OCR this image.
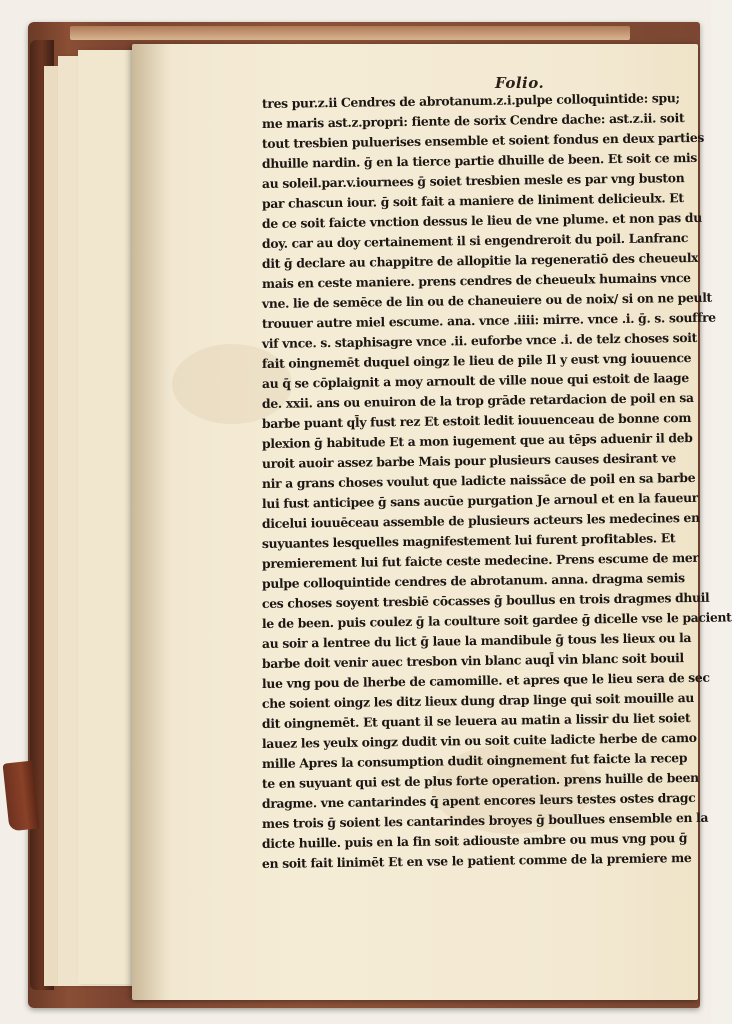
Folio.
tres pur.z.ii Cendres de abrotanum.z.i.pulpe colloquintide: spu;
me maris ast.z.propri: fiente de sorix Cendre dache: ast.z.ii. soit
tout tresbien puluerises ensemble et soient fondus en deux parties
dhuille nardin. ḡ en la tierce partie dhuille de been. Et soit ce mis
au soleil.par.v.iournees ḡ soiet tresbien mesle es par vng buston
par chascun iour. ḡ soit fait a maniere de liniment delicieulx. Et
de ce soit faicte vnction dessus le lieu de vne plume. et non pas du
doy. car au doy certainement il si engendreroit du poil. Lanfranc
dit ḡ declare au chappitre de allopitie la regeneratiō des cheueulx
mais en ceste maniere. prens cendres de cheueulx humains vnce
vne. lie de semēce de lin ou de chaneuiere ou de noix/ si on ne peult
trouuer autre miel escume. ana. vnce .iiii: mirre. vnce .i. ḡ. s. souffre
vif vnce. s. staphisagre vnce .ii. euforbe vnce .i. de telz choses soit
fait oingnemēt duquel oingz le lieu de pile Il y eust vng iouuence
au q̄ se cōplaignit a moy arnoult de ville noue qui estoit de laage
de. xxii. ans ou enuiron de la trop grāde retardacion de poil en sa
barbe puant ql̄y fust rez Et estoit ledit iouuenceau de bonne com
plexion ḡ habitude Et a mon iugement que au tēps aduenir il deb
uroit auoir assez barbe Mais pour plusieurs causes desirant ve
nir a grans choses voulut que ladicte naissāce de poil en sa barbe
lui fust anticipee ḡ sans aucūe purgation Je arnoul et en la faueur
dicelui iouuēceau assemble de plusieurs acteurs les medecines en
suyuantes lesquelles magnifestement lui furent profitables. Et
premierement lui fut faicte ceste medecine. Prens escume de mer
pulpe colloquintide cendres de abrotanum. anna. dragma semis
ces choses soyent tresbiē cōcasses ḡ boullus en trois dragmes dhuil
le de been. puis coulez ḡ la coulture soit gardee ḡ dicelle vse le pacient
au soir a lentree du lict ḡ laue la mandibule ḡ tous les lieux ou la
barbe doit venir auec tresbon vin blanc auql̄ vin blanc soit bouil
lue vng pou de lherbe de camomille. et apres que le lieu sera de sec
che soient oingz les ditz lieux dung drap linge qui soit mouille au
dit oingnemēt. Et quant il se leuera au matin a lissir du liet soiet
lauez les yeulx oingz dudit vin ou soit cuite ladicte herbe de camo
mille Apres la consumption dudit oingnement fut faicte la recep
te en suyuant qui est de plus forte operation. prens huille de been
dragme. vne cantarindes q̄ apent encores leurs testes ostes dragc
mes trois ḡ soient les cantarindes broyes ḡ boullues ensemble en la
dicte huille. puis en la fin soit adiouste ambre ou mus vng pou ḡ
en soit fait linimēt Et en vse le patient comme de la premiere me
